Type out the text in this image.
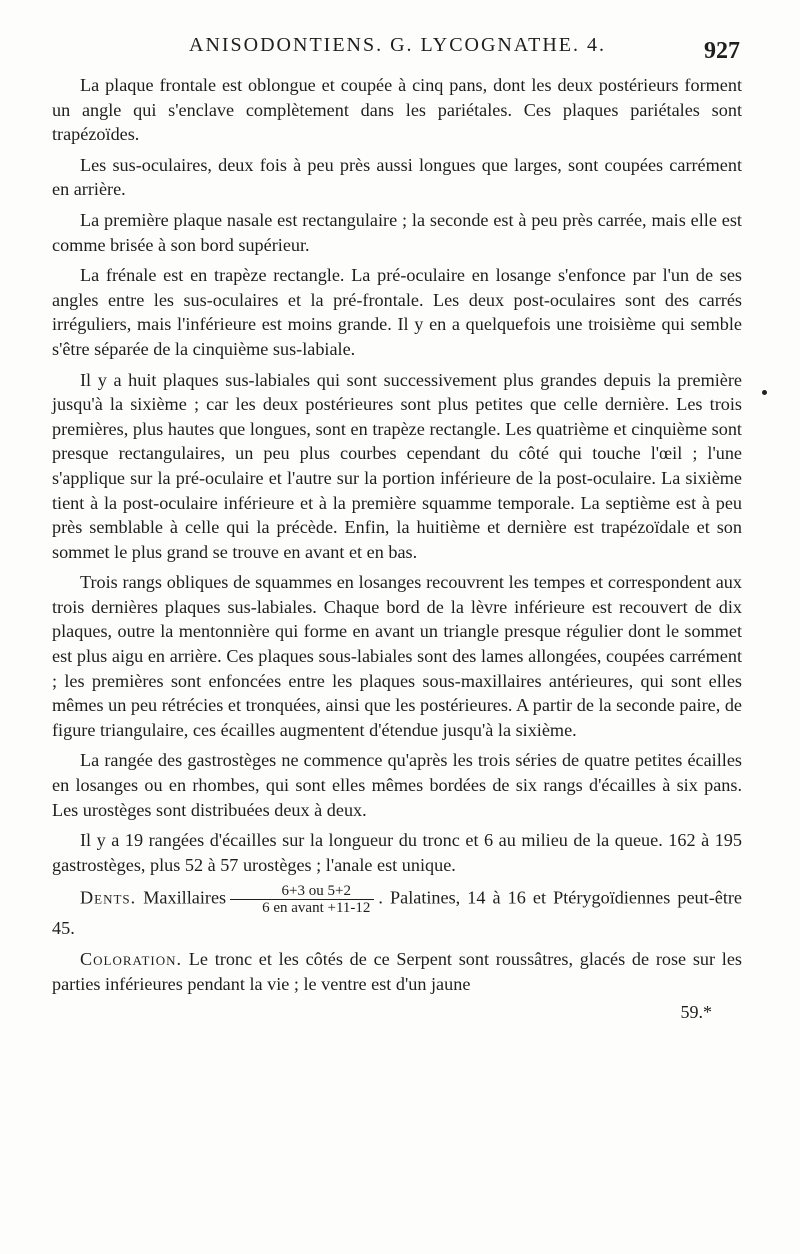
ANISODONTIENS. G. LYCOGNATHE. 4.	927

La plaque frontale est oblongue et coupée à cinq pans, dont les deux postérieurs forment un angle qui s'enclave complètement dans les pariétales. Ces plaques pariétales sont trapézoïdes.

Les sus-oculaires, deux fois à peu près aussi longues que larges, sont coupées carrément en arrière.

La première plaque nasale est rectangulaire ; la seconde est à peu près carrée, mais elle est comme brisée à son bord supérieur.

La frénale est en trapèze rectangle. La pré-oculaire en losange s'enfonce par l'un de ses angles entre les sus-oculaires et la pré-frontale. Les deux post-oculaires sont des carrés irréguliers, mais l'inférieure est moins grande. Il y en a quelquefois une troisième qui semble s'être séparée de la cinquième sus-labiale.

Il y a huit plaques sus-labiales qui sont successivement plus grandes depuis la première jusqu'à la sixième ; car les deux postérieures sont plus petites que celle dernière. Les trois premières, plus hautes que longues, sont en trapèze rectangle. Les quatrième et cinquième sont presque rectangulaires, un peu plus courbes cependant du côté qui touche l'œil ; l'une s'applique sur la pré-oculaire et l'autre sur la portion inférieure de la post-oculaire. La sixième tient à la post-oculaire inférieure et à la première squamme temporale. La septième est à peu près semblable à celle qui la précède. Enfin, la huitième et dernière est trapézoïdale et son sommet le plus grand se trouve en avant et en bas.

Trois rangs obliques de squammes en losanges recouvrent les tempes et correspondent aux trois dernières plaques sus-labiales. Chaque bord de la lèvre inférieure est recouvert de dix plaques, outre la mentonnière qui forme en avant un triangle presque régulier dont le sommet est plus aigu en arrière. Ces plaques sous-labiales sont des lames allongées, coupées carrément ; les premières sont enfoncées entre les plaques sous-maxillaires antérieures, qui sont elles mêmes un peu rétrécies et tronquées, ainsi que les postérieures. A partir de la seconde paire, de figure triangulaire, ces écailles augmentent d'étendue jusqu'à la sixième.

La rangée des gastrostèges ne commence qu'après les trois séries de quatre petites écailles en losanges ou en rhombes, qui sont elles mêmes bordées de six rangs d'écailles à six pans. Les urostèges sont distribuées deux à deux.

Il y a 19 rangées d'écailles sur la longueur du tronc et 6 au milieu de la queue. 162 à 195 gastrostèges, plus 52 à 57 urostèges ; l'anale est unique.

Dents. Maxillaires $\frac{6+3 ou 5+2}{\text{6 en avant +11-12}}$ . Palatines, 14 à 16 et Ptérygoïdiennes peut-être 45.

Coloration. Le tronc et les côtés de ce Serpent sont roussâtres, glacés de rose sur les parties inférieures pendant la vie ; le ventre est d'un jaune

59.*
